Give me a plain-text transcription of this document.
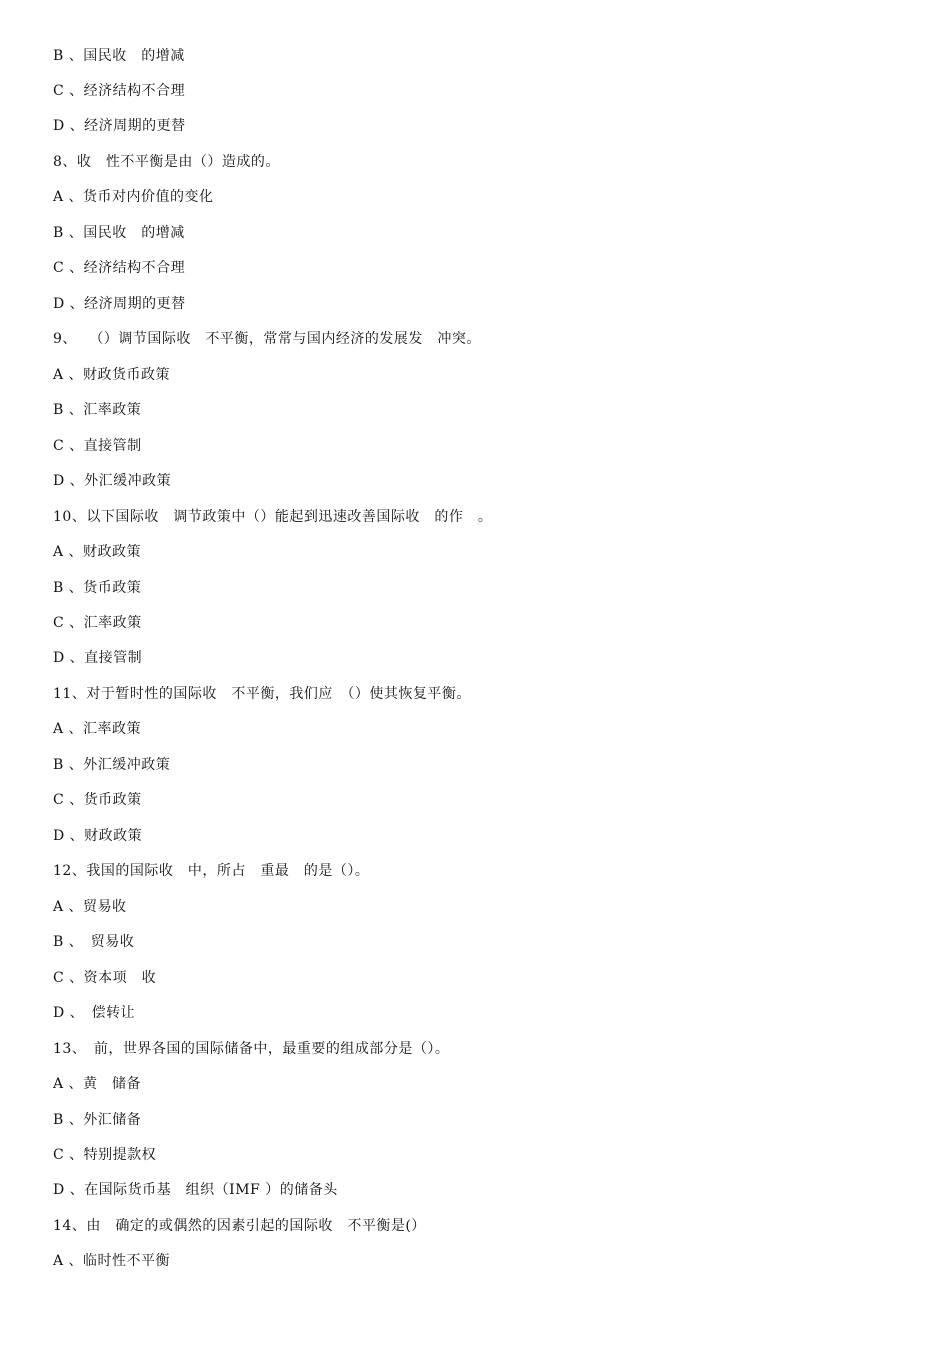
B 、国民收　的增减
C 、经济结构不合理
D 、经济周期的更替
8、收　性不平衡是由（）造成的。
A 、货币对内价值的变化
B 、国民收　的增减
C 、经济结构不合理
D 、经济周期的更替
9、　 （）调节国际收　不平衡，常常与国内经济的发展发　冲突。
A 、财政货币政策
B 、汇率政策
C 、直接管制
D 、外汇缓冲政策
10、以下国际收　调节政策中（）能起到迅速改善国际收　的作　。
A 、财政政策
B 、货币政策
C 、汇率政策
D 、直接管制
11、对于暂时性的国际收　不平衡，我们应　（）使其恢复平衡。
A 、汇率政策
B 、外汇缓冲政策
C 、货币政策
D 、财政政策
12、我国的国际收　中，所占　重最　的是（）。
A 、贸易收
B 、　贸易收
C 、资本项　收
D 、　偿转让
13、　前，世界各国的国际储备中，最重要的组成部分是（）。
A 、黄　储备
B 、外汇储备
C 、特别提款权
D 、在国际货币基　组织（IMF ）的储备头
14、由　确定的或偶然的因素引起的国际收　不平衡是(）
A 、临时性不平衡
